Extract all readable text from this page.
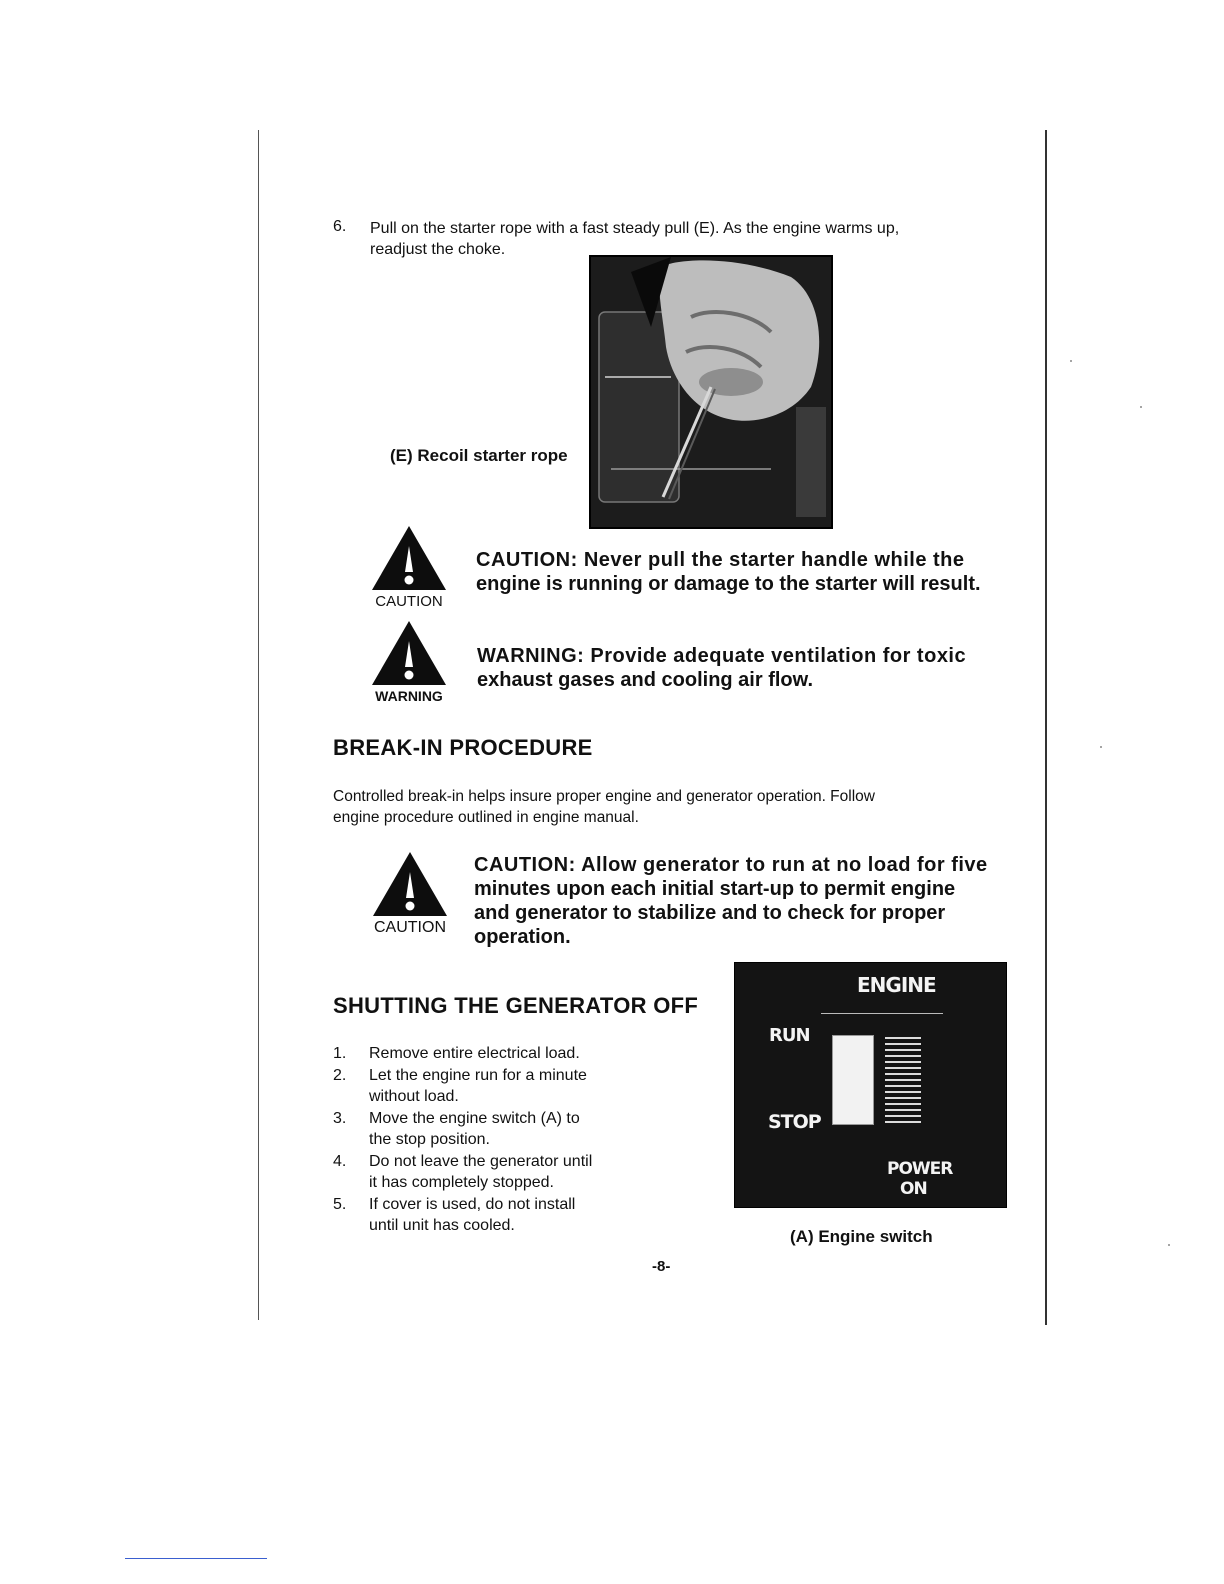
6. Pull on the starter rope with a fast steady pull (E). As the engine warms up,
readjust the choke.
(E) Recoil starter rope
CAUTION
CAUTION: Never pull the starter handle while the
engine is running or damage to the starter will result.
WARNING
WARNING: Provide adequate ventilation for toxic
exhaust gases and cooling air flow.
BREAK-IN PROCEDURE
Controlled break-in helps insure proper engine and generator operation. Follow
engine procedure outlined in engine manual.
CAUTION
CAUTION: Allow generator to run at no load for five
minutes upon each initial start-up to permit engine
and generator to stabilize and to check for proper
operation.
SHUTTING THE GENERATOR OFF
1. Remove entire electrical load.
2. Let the engine run for a minute
without load.
3. Move the engine switch (A) to
the stop position.
4. Do not leave the generator until
it has completely stopped.
5. If cover is used, do not install
until unit has cooled.
ENGINE
RUN
STOP
POWER
ON
(A) Engine switch
-8-
